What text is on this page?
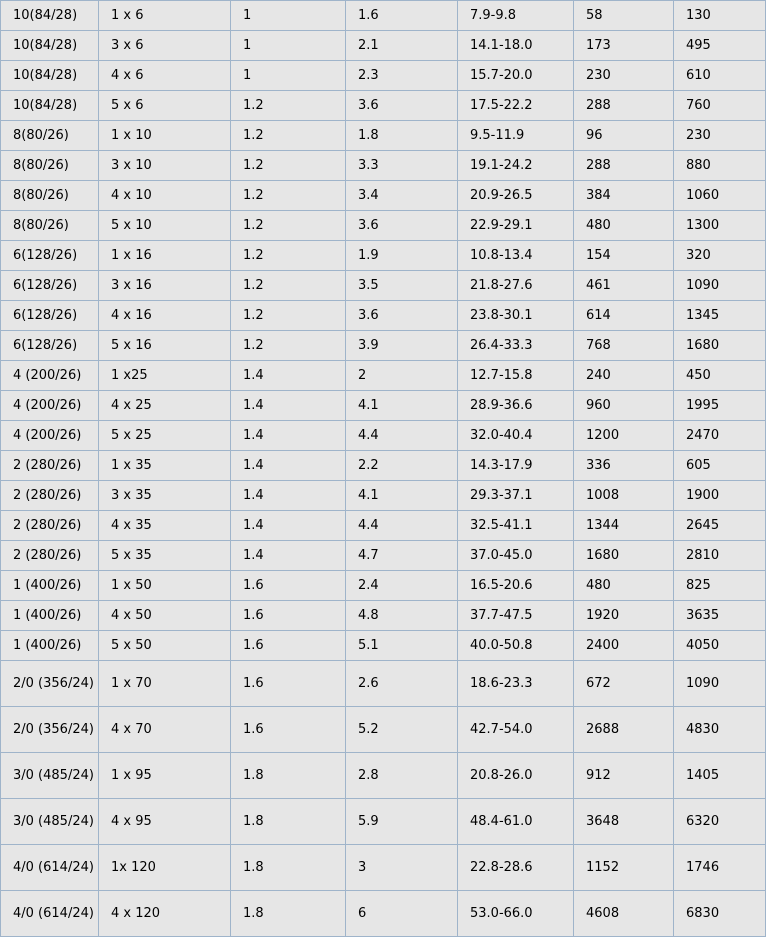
10(84/28)	1 x 6	1	1.6	7.9-9.8	58	130
10(84/28)	3 x 6	1	2.1	14.1-18.0	173	495
10(84/28)	4 x 6	1	2.3	15.7-20.0	230	610
10(84/28)	5 x 6	1.2	3.6	17.5-22.2	288	760
8(80/26)	1 x 10	1.2	1.8	9.5-11.9	96	230
8(80/26)	3 x 10	1.2	3.3	19.1-24.2	288	880
8(80/26)	4 x 10	1.2	3.4	20.9-26.5	384	1060
8(80/26)	5 x 10	1.2	3.6	22.9-29.1	480	1300
6(128/26)	1 x 16	1.2	1.9	10.8-13.4	154	320
6(128/26)	3 x 16	1.2	3.5	21.8-27.6	461	1090
6(128/26)	4 x 16	1.2	3.6	23.8-30.1	614	1345
6(128/26)	5 x 16	1.2	3.9	26.4-33.3	768	1680
4 (200/26)	1 x25	1.4	2	12.7-15.8	240	450
4 (200/26)	4 x 25	1.4	4.1	28.9-36.6	960	1995
4 (200/26)	5 x 25	1.4	4.4	32.0-40.4	1200	2470
2 (280/26)	1 x 35	1.4	2.2	14.3-17.9	336	605
2 (280/26)	3 x 35	1.4	4.1	29.3-37.1	1008	1900
2 (280/26)	4 x 35	1.4	4.4	32.5-41.1	1344	2645
2 (280/26)	5 x 35	1.4	4.7	37.0-45.0	1680	2810
1 (400/26)	1 x 50	1.6	2.4	16.5-20.6	480	825
1 (400/26)	4 x 50	1.6	4.8	37.7-47.5	1920	3635
1 (400/26)	5 x 50	1.6	5.1	40.0-50.8	2400	4050
2/0 (356/24)	1 x 70	1.6	2.6	18.6-23.3	672	1090
2/0 (356/24)	4 x 70	1.6	5.2	42.7-54.0	2688	4830
3/0 (485/24)	1 x 95	1.8	2.8	20.8-26.0	912	1405
3/0 (485/24)	4 x 95	1.8	5.9	48.4-61.0	3648	6320
4/0 (614/24)	1x 120	1.8	3	22.8-28.6	1152	1746
4/0 (614/24)	4 x 120	1.8	6	53.0-66.0	4608	6830
